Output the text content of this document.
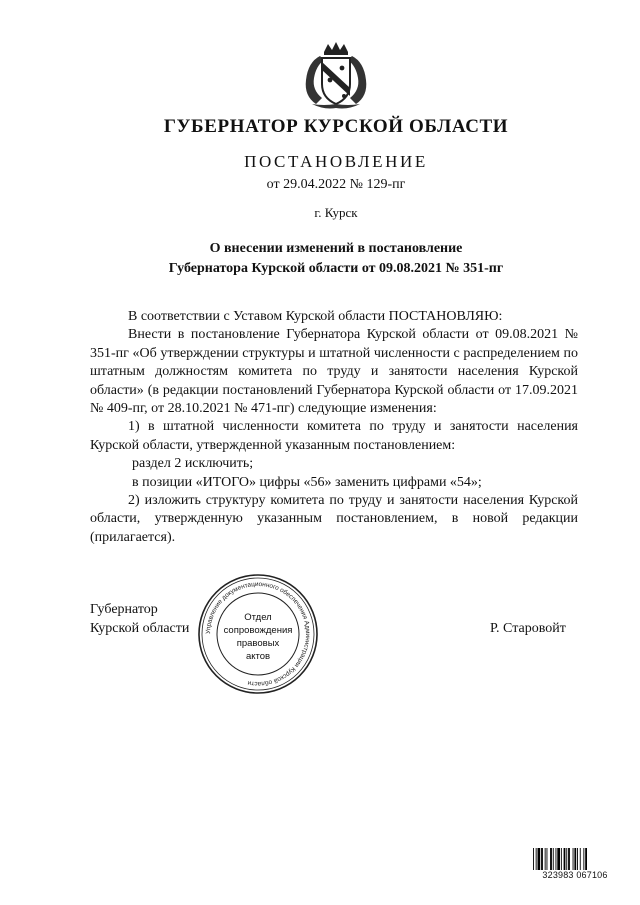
ГУБЕРНАТОР КУРСКОЙ ОБЛАСТИ
ПОСТАНОВЛЕНИЕ
от 29.04.2022 № 129-пг
г. Курск
О внесении изменений в постановление
Губернатора Курской области от 09.08.2021 № 351-пг

В соответствии с Уставом Курской области ПОСТАНОВЛЯЮ:

Внести в постановление Губернатора Курской области от 09.08.2021 № 351-пг «Об утверждении структуры и штатной численности с распределением по штатным должностям комитета по труду и занятости населения Курской области» (в редакции постановлений Губернатора Курской области от 17.09.2021 № 409-пг, от 28.10.2021 № 471-пг) следующие изменения:

1) в штатной численности комитета по труду и занятости населения Курской области, утвержденной указанным постановлением:

раздел 2 исключить;

в позиции «ИТОГО» цифры «56» заменить цифрами «54»;

2) изложить структуру комитета по труду и занятости населения Курской области, утвержденную указанным постановлением, в новой редакции (прилагается).

Губернатор
Курской области	Р. Старовойт
Управление документационного обеспечения Администрации Курской области
Отдел
сопровождения
правовых
актов
323983 067106
